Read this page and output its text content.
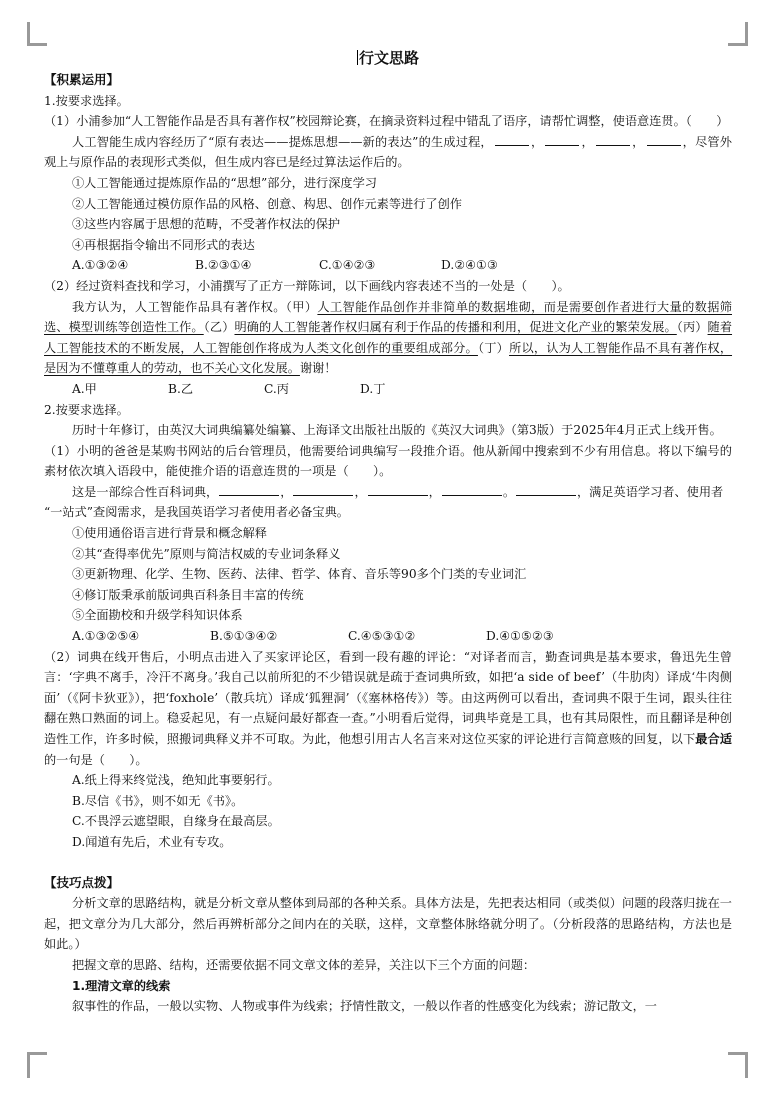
行文思路

【积累运用】

1.按要求选择。

（1）小浦参加“人工智能作品是否具有著作权”校园辩论赛，在摘录资料过程中错乱了语序，请帮忙调整，使语意连贯。（　　）

人工智能生成内容经历了“原有表达——提炼思想——新的表达”的生成过程，	，	，	，	，尽管外观上与原作品的表现形式类似，但生成内容已是经过算法运作后的。

①人工智能通过提炼原作品的“思想”部分，进行深度学习

②人工智能通过模仿原作品的风格、创意、构思、创作元素等进行了创作

③这些内容属于思想的范畴，不受著作权法的保护

④再根据指令输出不同形式的表达

A.①③②④	B.②③①④	C.①④②③	D.②④①③

（2）经过资料查找和学习，小浦撰写了正方一辩陈词，以下画线内容表述不当的一处是（　　）。

我方认为，人工智能作品具有著作权。（甲）人工智能作品创作并非简单的数据堆砌，而是需要创作者进行大量的数据筛选、模型训练等创造性工作。（乙）明确的人工智能著作权归属有利于作品的传播和利用，促进文化产业的繁荣发展。（丙）随着人工智能技术的不断发展，人工智能创作将成为人类文化创作的重要组成部分。（丁）所以，认为人工智能作品不具有著作权，是因为不懂尊重人的劳动，也不关心文化发展。谢谢！

A.甲	B.乙	C.丙	D.丁

2.按要求选择。

历时十年修订，由英汉大词典编纂处编纂、上海译文出版社出版的《英汉大词典》（第3版）于2025年4月正式上线开售。

（1）小明的爸爸是某购书网站的后台管理员，他需要给词典编写一段推介语。他从新闻中搜索到不少有用信息。将以下编号的素材依次填入语段中，能使推介语的语意连贯的一项是（　　）。

这是一部综合性百科词典，	，	，	，	。	，满足英语学习者、使用者

“一站式”查阅需求，是我国英语学习者使用者必备宝典。

①使用通俗语言进行背景和概念解释

②其“查得率优先”原则与简洁权威的专业词条释义

③更新物理、化学、生物、医药、法律、哲学、体育、音乐等90多个门类的专业词汇

④修订版秉承前版词典百科条目丰富的传统

⑤全面勘校和升级学科知识体系

A.①③②⑤④	B.⑤①③④②	C.④⑤③①②	D.④①⑤②③

（2）词典在线开售后，小明点击进入了买家评论区，看到一段有趣的评论：“对译者而言，勤查词典是基本要求，鲁迅先生曾言：‘字典不离手，冷汗不离身。’我自己以前所犯的不少错误就是疏于查词典所致，如把‘a side of beef’（牛肋肉）译成‘牛肉侧面’（《阿卡狄亚》），把‘foxhole’（散兵坑）译成‘狐狸洞’（《塞林格传》）等。由这两例可以看出，查词典不限于生词，跟头往往翻在熟口熟面的词上。稳妥起见，有一点疑问最好都查一查。”小明看后觉得，词典毕竟是工具，也有其局限性，而且翻译是种创造性工作，许多时候，照搬词典释义并不可取。为此，他想引用古人名言来对这位买家的评论进行言简意赅的回复，以下最合适的一句是（　　）。

A.纸上得来终觉浅，绝知此事要躬行。

B.尽信《书》，则不如无《书》。

C.不畏浮云遮望眼，自缘身在最高层。

D.闻道有先后，术业有专攻。

【技巧点拨】

分析文章的思路结构，就是分析文章从整体到局部的各种关系。具体方法是，先把表达相同（或类似）问题的段落归拢在一起，把文章分为几大部分，然后再辨析部分之间内在的关联，这样，文章整体脉络就分明了。（分析段落的思路结构，方法也是如此。）

把握文章的思路、结构，还需要依据不同文章文体的差异，关注以下三个方面的问题：

1.理清文章的线索

叙事性的作品，一般以实物、人物或事件为线索；抒情性散文，一般以作者的性感变化为线索；游记散文，一
